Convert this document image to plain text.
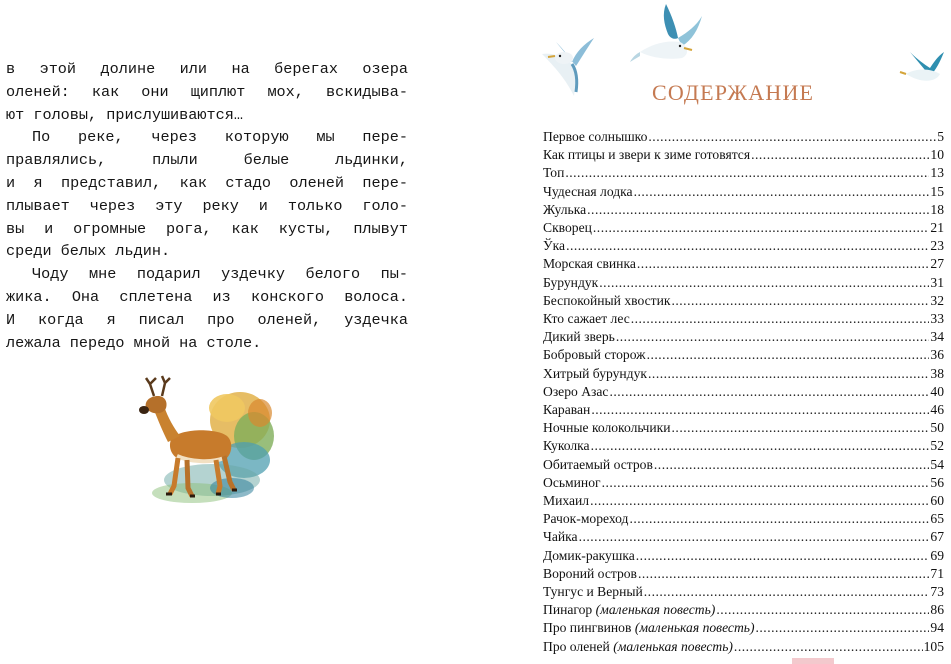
в этой долине или на берегах озера
оленей: как они щиплют мох, вскидыва-
ют головы, прислушиваются…
По реке, через которую мы пере-
правлялись, плыли белые льдинки,
и я представил, как стадо оленей пере-
плывает через эту реку и только голо-
вы и огромные рога, как кусты, плывут
среди белых льдин.
Чоду мне подарил уздечку белого пы-
жика. Она сплетена из конского волоса.
И когда я писал про оленей, уздечка
лежала передо мной на столе.
СОДЕРЖАНИЕ
Первое солнышко .....	5
Как птицы и звери к зиме готовятся .....	10
Топ .....	13
Чудесная лодка .....	15
Жулька .....	18
Скворец .....	21
Ўка .....	23
Морская свинка .....	27
Бурундук .....	31
Беспокойный хвостик .....	32
Кто сажает лес .....	33
Дикий зверь .....	34
Бобровый сторож .....	36
Хитрый бурундук .....	38
Озеро Азас .....	40
Караван .....	46
Ночные колокольчики .....	50
Куколка .....	52
Обитаемый остров .....	54
Осьминог .....	56
Михаил .....	60
Рачок-мореход .....	65
Чайка .....	67
Домик-ракушка .....	69
Вороний остров .....	71
Тунгус и Верный .....	73
Пинагор (маленькая повесть) .....	86
Про пингвинов (маленькая повесть) .....	94
Про оленей (маленькая повесть) .....	105
